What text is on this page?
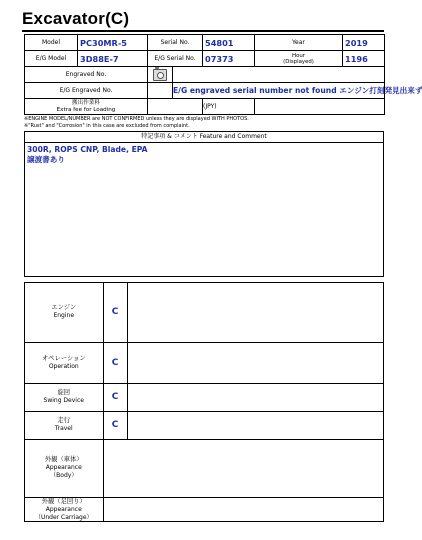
Excavator(C)
Model	PC30MR-5	Serial No.		54801	Year	2019
E/G Model	3D88E-7	E/G Serial No.		07373	Hour
(Displayed)	1196
Engraved No.						
E/G Engraved No.			E/G engraved serial number not found エンジン打刻発見出来ず			
搬出作業料
Extra fee for Loading				(JPY)		
※ENGINE MODEL/NUMBER are NOT CONFIRMED unless they are displayed WITH PHOTOS.
※"Rust" and "Corrosion" in this case are excluded from complaint.
特記事項 & コメント Feature and Comment
300R, ROPS CNP, Blade, EPA
譲渡書あり
エンジン
Engine	C	
オペレーション
Operation	C	
旋回
Swing Device	C	
走行
Travel	C	
外観（車体）
Appearance
（Body）		
外観（足回り）
Appearance
（Under Carriage）		
